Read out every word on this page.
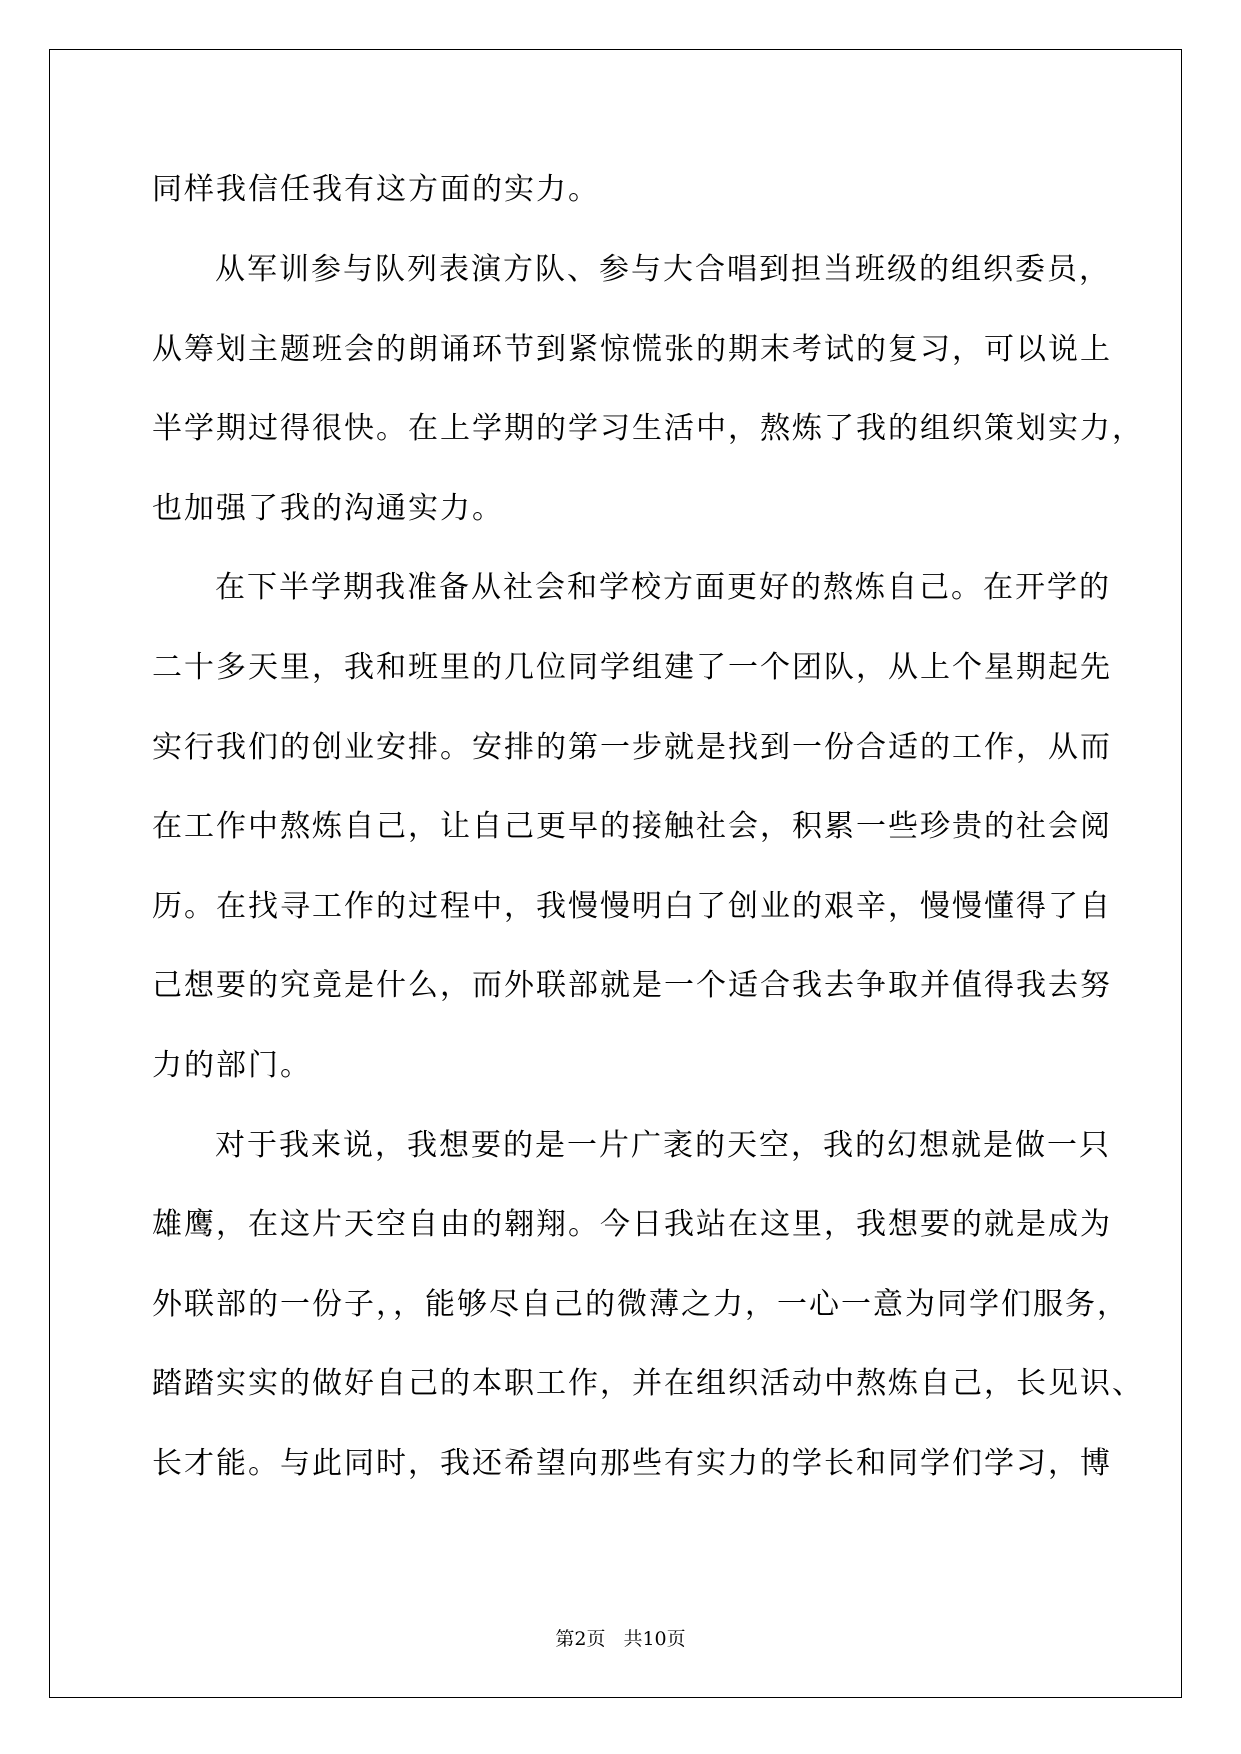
同样我信任我有这方面的实力。
从军训参与队列表演方队、参与大合唱到担当班级的组织委员，
从筹划主题班会的朗诵环节到紧惊慌张的期末考试的复习，可以说上
半学期过得很快。在上学期的学习生活中，熬炼了我的组织策划实力，
也加强了我的沟通实力。
在下半学期我准备从社会和学校方面更好的熬炼自己。在开学的
二十多天里，我和班里的几位同学组建了一个团队，从上个星期起先
实行我们的创业安排。安排的第一步就是找到一份合适的工作，从而
在工作中熬炼自己，让自己更早的接触社会，积累一些珍贵的社会阅
历。在找寻工作的过程中，我慢慢明白了创业的艰辛，慢慢懂得了自
己想要的究竟是什么，而外联部就是一个适合我去争取并值得我去努
力的部门。
对于我来说，我想要的是一片广袤的天空，我的幻想就是做一只
雄鹰，在这片天空自由的翱翔。今日我站在这里，我想要的就是成为
外联部的一份子，，能够尽自己的微薄之力，一心一意为同学们服务，
踏踏实实的做好自己的本职工作，并在组织活动中熬炼自己，长见识、
长才能。与此同时，我还希望向那些有实力的学长和同学们学习，博
第2页 共10页
